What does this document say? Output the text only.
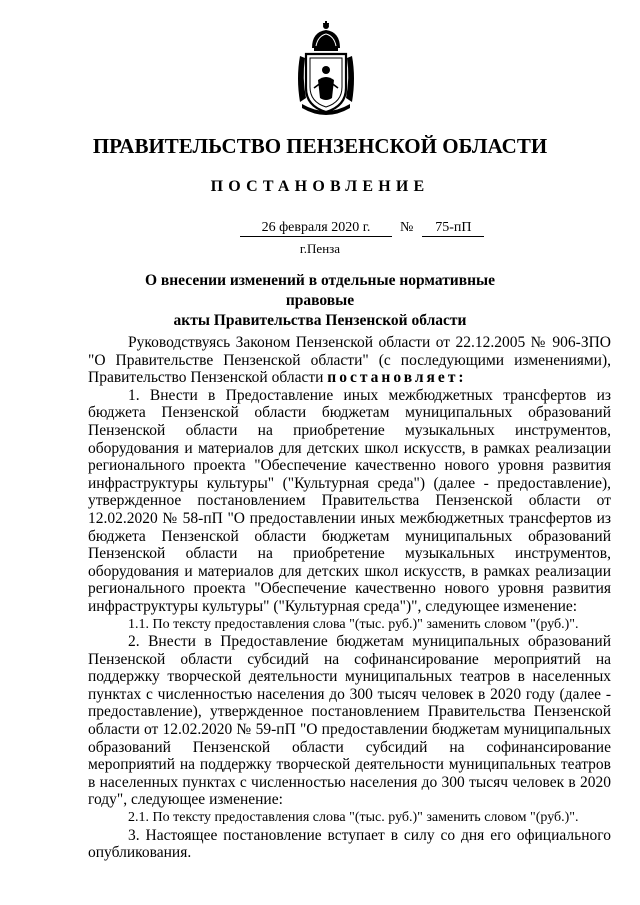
ПРАВИТЕЛЬСТВО ПЕНЗЕНСКОЙ ОБЛАСТИ
ПОСТАНОВЛЕНИЕ
26 февраля 2020 г. № 75-пП
г.Пенза
О внесении изменений в отдельные нормативные правовые
акты Правительства Пензенской области

Руководствуясь Законом Пензенской области от 22.12.2005 № 906-ЗПО "О Правительстве Пензенской области" (с последующими изменениями), Правительство Пензенской области постановляет:

1. Внести в Предоставление иных межбюджетных трансфертов из бюджета Пензенской области бюджетам муниципальных образований Пензенской области на приобретение музыкальных инструментов, оборудования и материалов для детских школ искусств, в рамках реализации регионального проекта "Обеспечение качественно нового уровня развития инфраструктуры культуры" ("Культурная среда") (далее - предоставление), утвержденное постановлением Правительства Пензенской области от 12.02.2020 № 58-пП "О предоставлении иных межбюджетных трансфертов из бюджета Пензенской области бюджетам муниципальных образований Пензенской области на приобретение музыкальных инструментов, оборудования и материалов для детских школ искусств, в рамках реализации регионального проекта "Обеспечение качественно нового уровня развития инфраструктуры культуры" ("Культурная среда")", следующее изменение:

1.1. По тексту предоставления слова "(тыс. руб.)" заменить словом "(руб.)".

2. Внести в Предоставление бюджетам муниципальных образований Пензенской области субсидий на софинансирование мероприятий на поддержку творческой деятельности муниципальных театров в населенных пунктах с численностью населения до 300 тысяч человек в 2020 году (далее - предоставление), утвержденное постановлением Правительства Пензенской области от 12.02.2020 № 59-пП "О предоставлении бюджетам муниципальных образований Пензенской области субсидий на софинансирование мероприятий на поддержку творческой деятельности муниципальных театров в населенных пунктах с численностью населения до 300 тысяч человек в 2020 году", следующее изменение:

2.1. По тексту предоставления слова "(тыс. руб.)" заменить словом "(руб.)".

3. Настоящее постановление вступает в силу со дня его официального опубликования.
